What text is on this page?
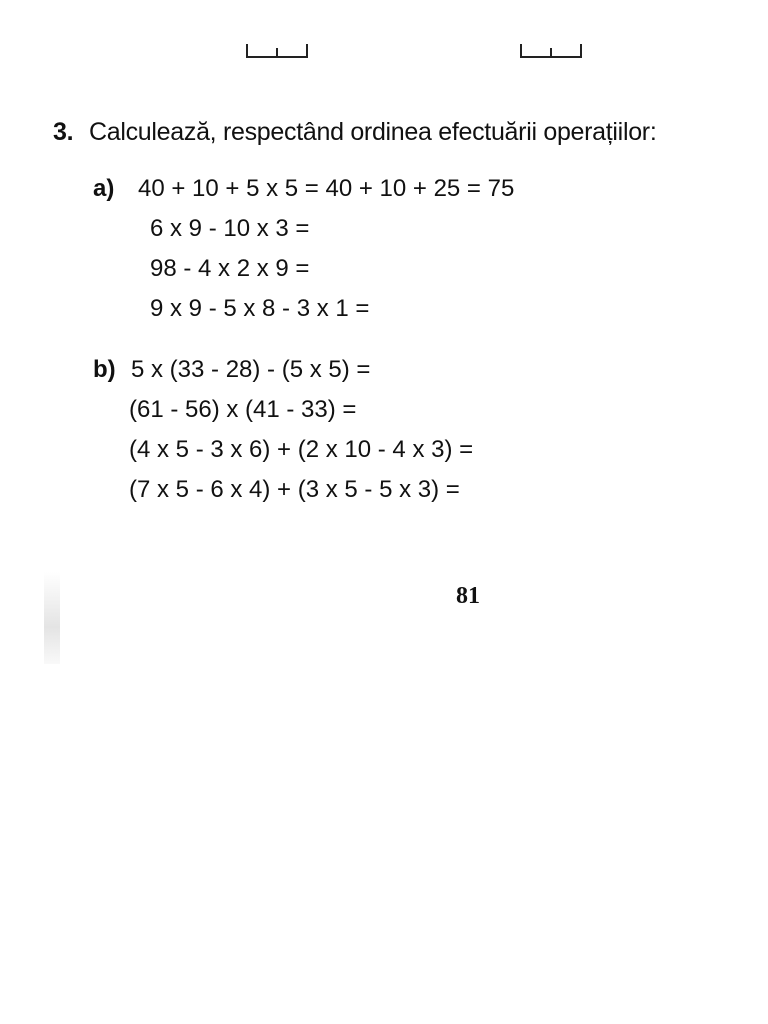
3. Calculează, respectând ordinea efectuării operațiilor:
a) 40 + 10 + 5 x 5 = 40 + 10 + 25 = 75
6 x 9 - 10 x 3 =
98 - 4 x 2 x 9 =
9 x 9 - 5 x 8 - 3 x 1 =
b) 5 x (33 - 28) - (5 x 5) =
(61 - 56) x (41 - 33) =
(4 x 5 - 3 x 6) + (2 x 10 - 4 x 3) =
(7 x 5 - 6 x 4) + (3 x 5 - 5 x 3) =
81
